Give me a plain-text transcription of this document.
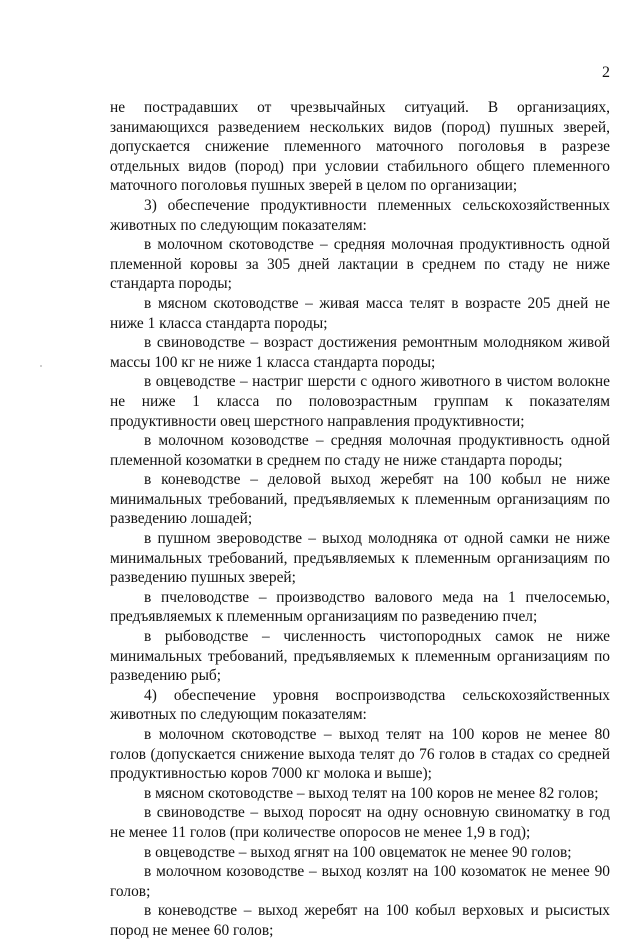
2

не пострадавших от чрезвычайных ситуаций. В организациях, занимающихся разведением нескольких видов (пород) пушных зверей, допускается снижение племенного маточного поголовья в разрезе отдельных видов (пород) при условии стабильного общего племенного маточного поголовья пушных зверей в целом по организации;

3) обеспечение продуктивности племенных сельскохозяйственных животных по следующим показателям:

в молочном скотоводстве – средняя молочная продуктивность одной племенной коровы за 305 дней лактации в среднем по стаду не ниже стандарта породы;

в мясном скотоводстве – живая масса телят в возрасте 205 дней не ниже 1 класса стандарта породы;

в свиноводстве – возраст достижения ремонтным молодняком живой массы 100 кг не ниже 1 класса стандарта породы;

в овцеводстве – настриг шерсти с одного животного в чистом волокне не ниже 1 класса по половозрастным группам к показателям продуктивности овец шерстного направления продуктивности;

в молочном козоводстве – средняя молочная продуктивность одной племенной козоматки в среднем по стаду не ниже стандарта породы;

в коневодстве – деловой выход жеребят на 100 кобыл не ниже минимальных требований, предъявляемых к племенным организациям по разведению лошадей;

в пушном звероводстве – выход молодняка от одной самки не ниже минимальных требований, предъявляемых к племенным организациям по разведению пушных зверей;

в пчеловодстве – производство валового меда на 1 пчелосемью, предъявляемых к племенным организациям по разведению пчел;

в рыбоводстве – численность чистопородных самок не ниже минимальных требований, предъявляемых к племенным организациям по разведению рыб;

4) обеспечение уровня воспроизводства сельскохозяйственных животных по следующим показателям:

в молочном скотоводстве – выход телят на 100 коров не менее 80 голов (допускается снижение выхода телят до 76 голов в стадах со средней продуктивностью коров 7000 кг молока и выше);

в мясном скотоводстве – выход телят на 100 коров не менее 82 голов;

в свиноводстве – выход поросят на одну основную свиноматку в год не менее 11 голов (при количестве опоросов не менее 1,9 в год);

в овцеводстве – выход ягнят на 100 овцематок не менее 90 голов;

в молочном козоводстве – выход козлят на 100 козоматок не менее 90 голов;

в коневодстве – выход жеребят на 100 кобыл верховых и рысистых пород не менее 60 голов;
